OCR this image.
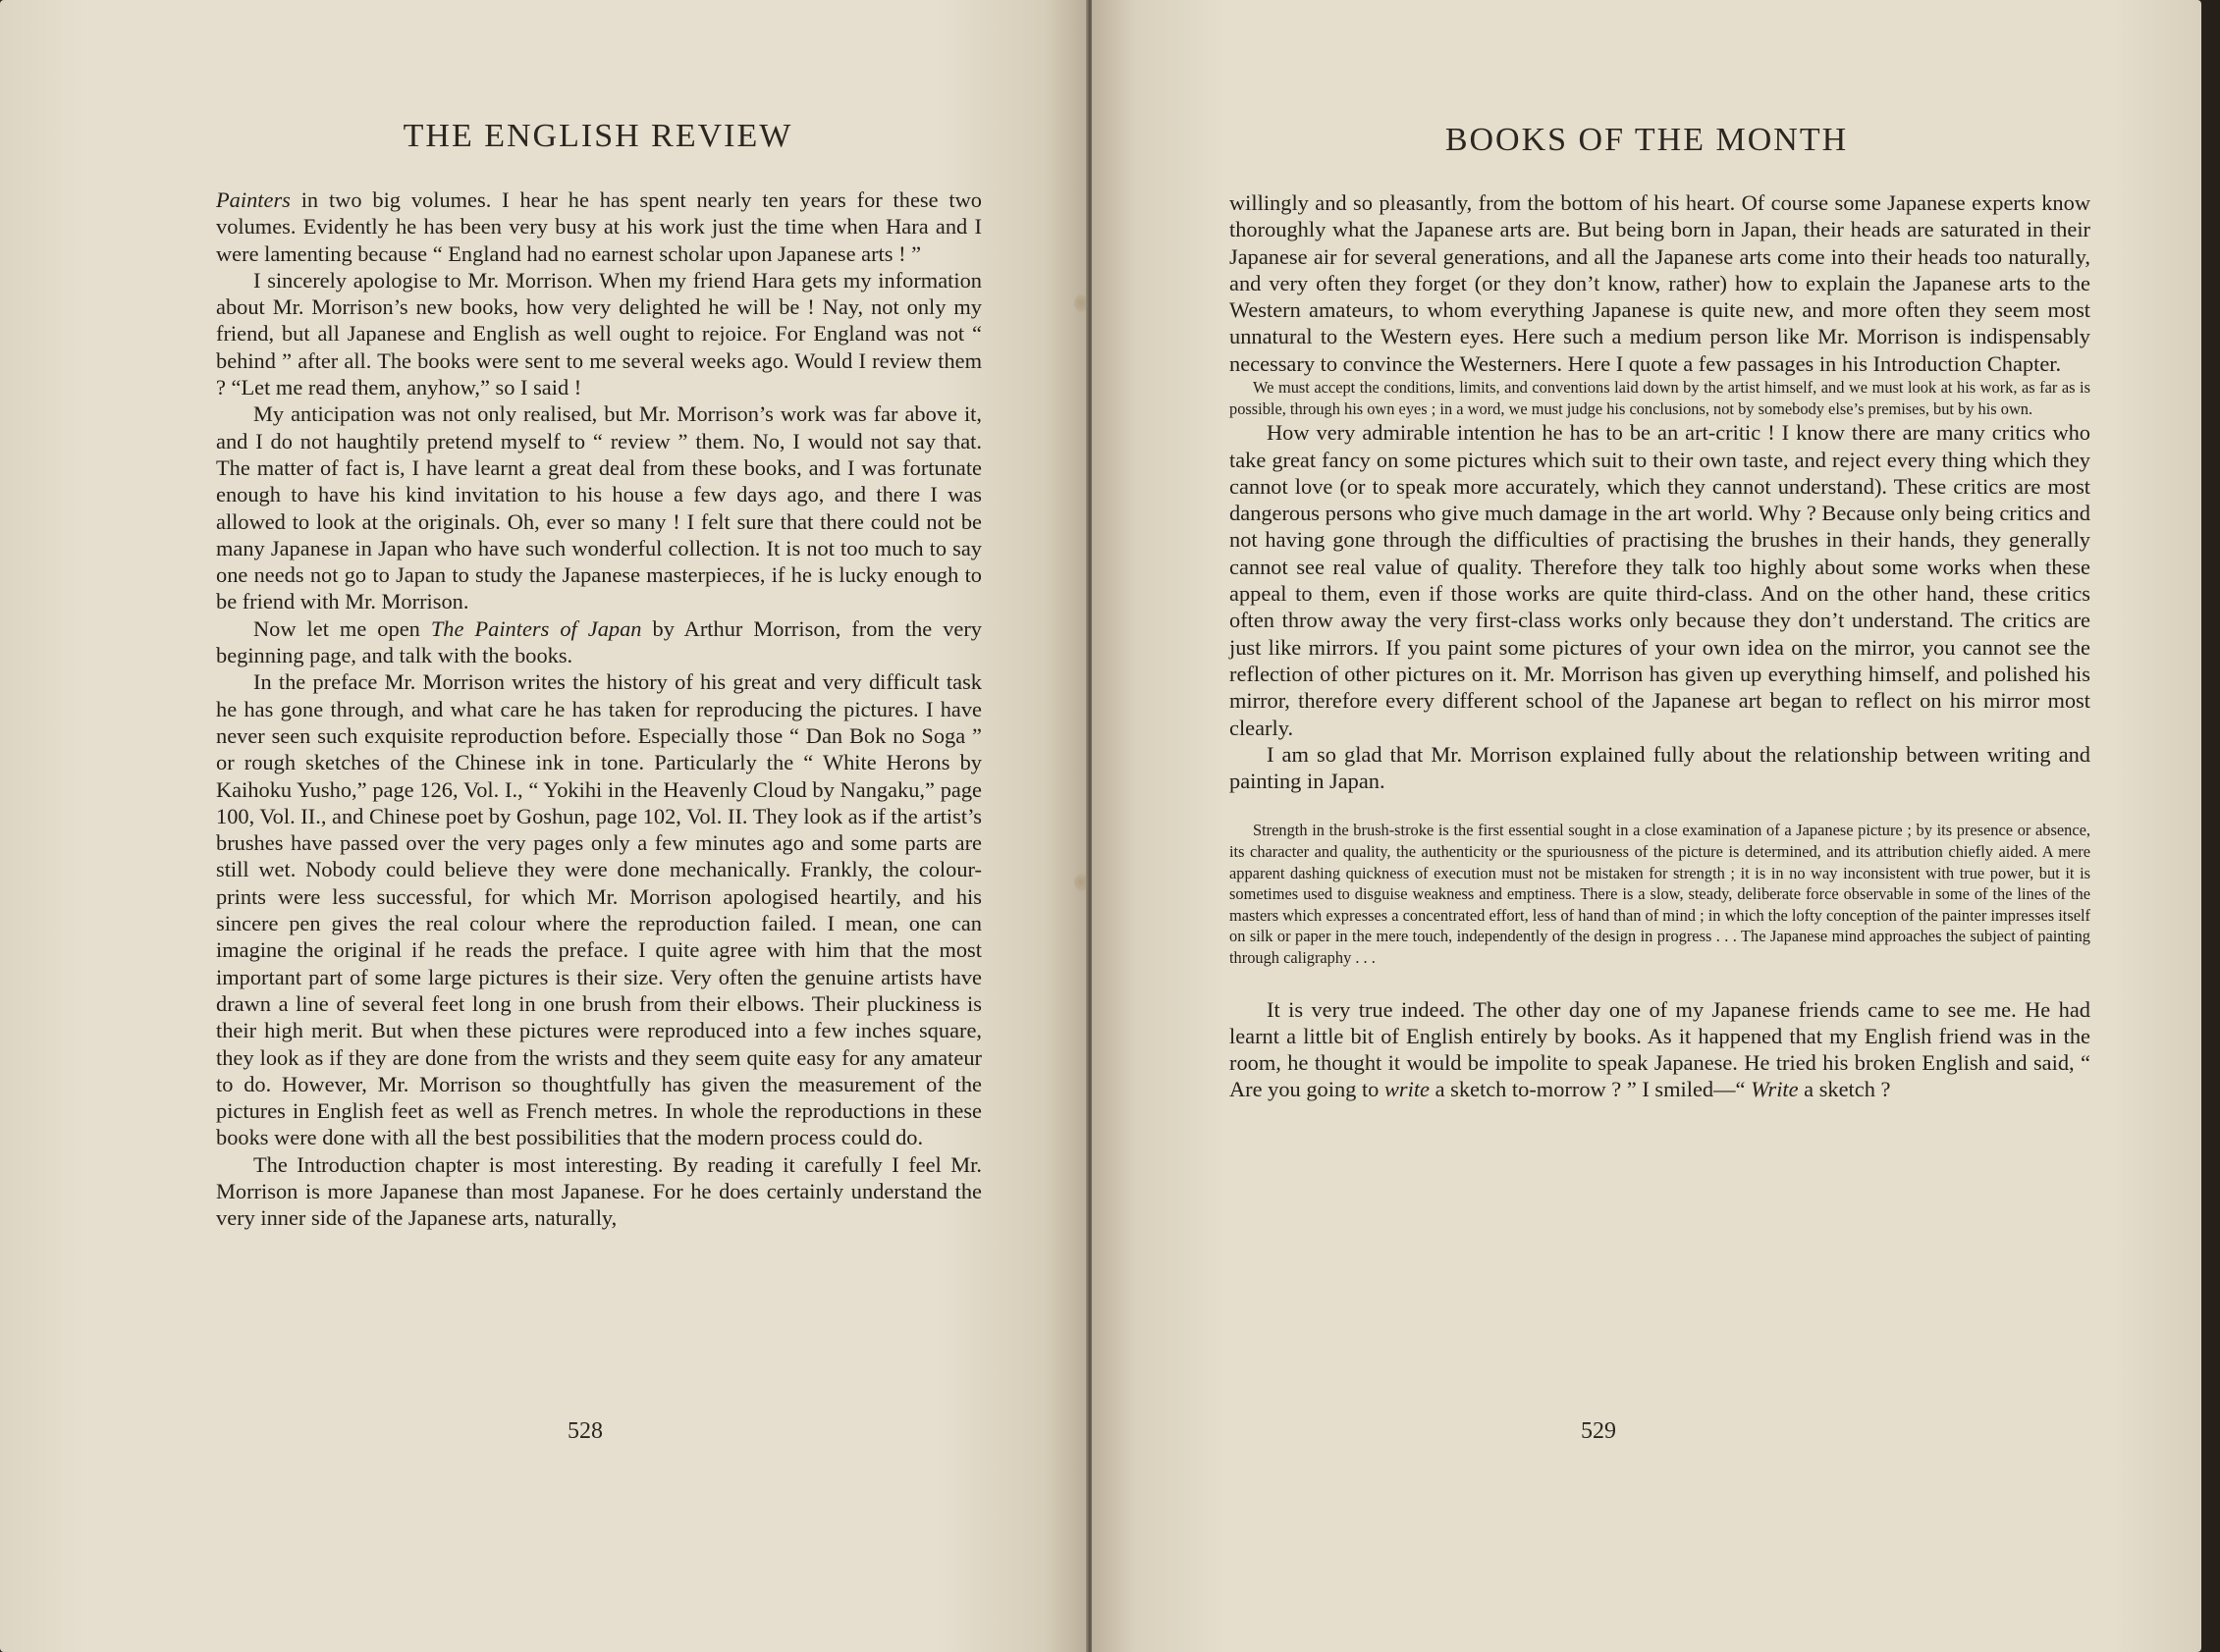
THE ENGLISH REVIEW

Painters in two big volumes. I hear he has spent nearly ten years for these two volumes. Evidently he has been very busy at his work just the time when Hara and I were lamenting because “ England had no earnest scholar upon Japanese arts ! ”

I sincerely apologise to Mr. Morrison. When my friend Hara gets my information about Mr. Morrison’s new books, how very delighted he will be ! Nay, not only my friend, but all Japanese and English as well ought to rejoice. For England was not “ behind ” after all. The books were sent to me several weeks ago. Would I review them ? “Let me read them, anyhow,” so I said !

My anticipation was not only realised, but Mr. Morrison’s work was far above it, and I do not haughtily pretend myself to “ review ” them. No, I would not say that. The matter of fact is, I have learnt a great deal from these books, and I was fortunate enough to have his kind invitation to his house a few days ago, and there I was allowed to look at the originals. Oh, ever so many ! I felt sure that there could not be many Japanese in Japan who have such wonderful collection. It is not too much to say one needs not go to Japan to study the Japanese masterpieces, if he is lucky enough to be friend with Mr. Morrison.

Now let me open The Painters of Japan by Arthur Morrison, from the very beginning page, and talk with the books.

In the preface Mr. Morrison writes the history of his great and very difficult task he has gone through, and what care he has taken for reproducing the pictures. I have never seen such exquisite reproduction before. Especially those “ Dan Bok no Soga ” or rough sketches of the Chinese ink in tone. Particularly the “ White Herons by Kaihoku Yusho,” page 126, Vol. I., “ Yokihi in the Heavenly Cloud by Nangaku,” page 100, Vol. II., and Chinese poet by Goshun, page 102, Vol. II. They look as if the artist’s brushes have passed over the very pages only a few minutes ago and some parts are still wet. Nobody could believe they were done mechanically. Frankly, the colour-prints were less successful, for which Mr. Morrison apologised heartily, and his sincere pen gives the real colour where the reproduction failed. I mean, one can imagine the original if he reads the preface. I quite agree with him that the most important part of some large pictures is their size. Very often the genuine artists have drawn a line of several feet long in one brush from their elbows. Their pluckiness is their high merit. But when these pictures were reproduced into a few inches square, they look as if they are done from the wrists and they seem quite easy for any amateur to do. However, Mr. Morrison so thoughtfully has given the measurement of the pictures in English feet as well as French metres. In whole the reproductions in these books were done with all the best possibilities that the modern process could do.

The Introduction chapter is most interesting. By reading it carefully I feel Mr. Morrison is more Japanese than most Japanese. For he does certainly understand the very inner side of the Japanese arts, naturally,

528
BOOKS OF THE MONTH

willingly and so pleasantly, from the bottom of his heart. Of course some Japanese experts know thoroughly what the Japanese arts are. But being born in Japan, their heads are saturated in their Japanese air for several generations, and all the Japanese arts come into their heads too naturally, and very often they forget (or they don’t know, rather) how to explain the Japanese arts to the Western amateurs, to whom everything Japanese is quite new, and more often they seem most unnatural to the Western eyes. Here such a medium person like Mr. Morrison is indispensably necessary to convince the Westerners. Here I quote a few passages in his Introduction Chapter.

We must accept the conditions, limits, and conventions laid down by the artist himself, and we must look at his work, as far as is possible, through his own eyes ; in a word, we must judge his conclusions, not by somebody else’s premises, but by his own.

How very admirable intention he has to be an art-critic ! I know there are many critics who take great fancy on some pictures which suit to their own taste, and reject every thing which they cannot love (or to speak more accurately, which they cannot understand). These critics are most dangerous persons who give much damage in the art world. Why ? Because only being critics and not having gone through the difficulties of practising the brushes in their hands, they generally cannot see real value of quality. Therefore they talk too highly about some works when these appeal to them, even if those works are quite third-class. And on the other hand, these critics often throw away the very first-class works only because they don’t understand. The critics are just like mirrors. If you paint some pictures of your own idea on the mirror, you cannot see the reflection of other pictures on it. Mr. Morrison has given up everything himself, and polished his mirror, therefore every different school of the Japanese art began to reflect on his mirror most clearly.

I am so glad that Mr. Morrison explained fully about the relationship between writing and painting in Japan.

Strength in the brush-stroke is the first essential sought in a close examination of a Japanese picture ; by its presence or absence, its character and quality, the authenticity or the spuriousness of the picture is determined, and its attribution chiefly aided. A mere apparent dashing quickness of execution must not be mistaken for strength ; it is in no way inconsistent with true power, but it is sometimes used to disguise weakness and emptiness. There is a slow, steady, deliberate force observable in some of the lines of the masters which expresses a concentrated effort, less of hand than of mind ; in which the lofty conception of the painter impresses itself on silk or paper in the mere touch, independently of the design in progress . . . The Japanese mind approaches the subject of painting through caligraphy . . .

It is very true indeed. The other day one of my Japanese friends came to see me. He had learnt a little bit of English entirely by books. As it happened that my English friend was in the room, he thought it would be impolite to speak Japanese. He tried his broken English and said, “ Are you going to write a sketch to-morrow ? ” I smiled—“ Write a sketch ?

529
